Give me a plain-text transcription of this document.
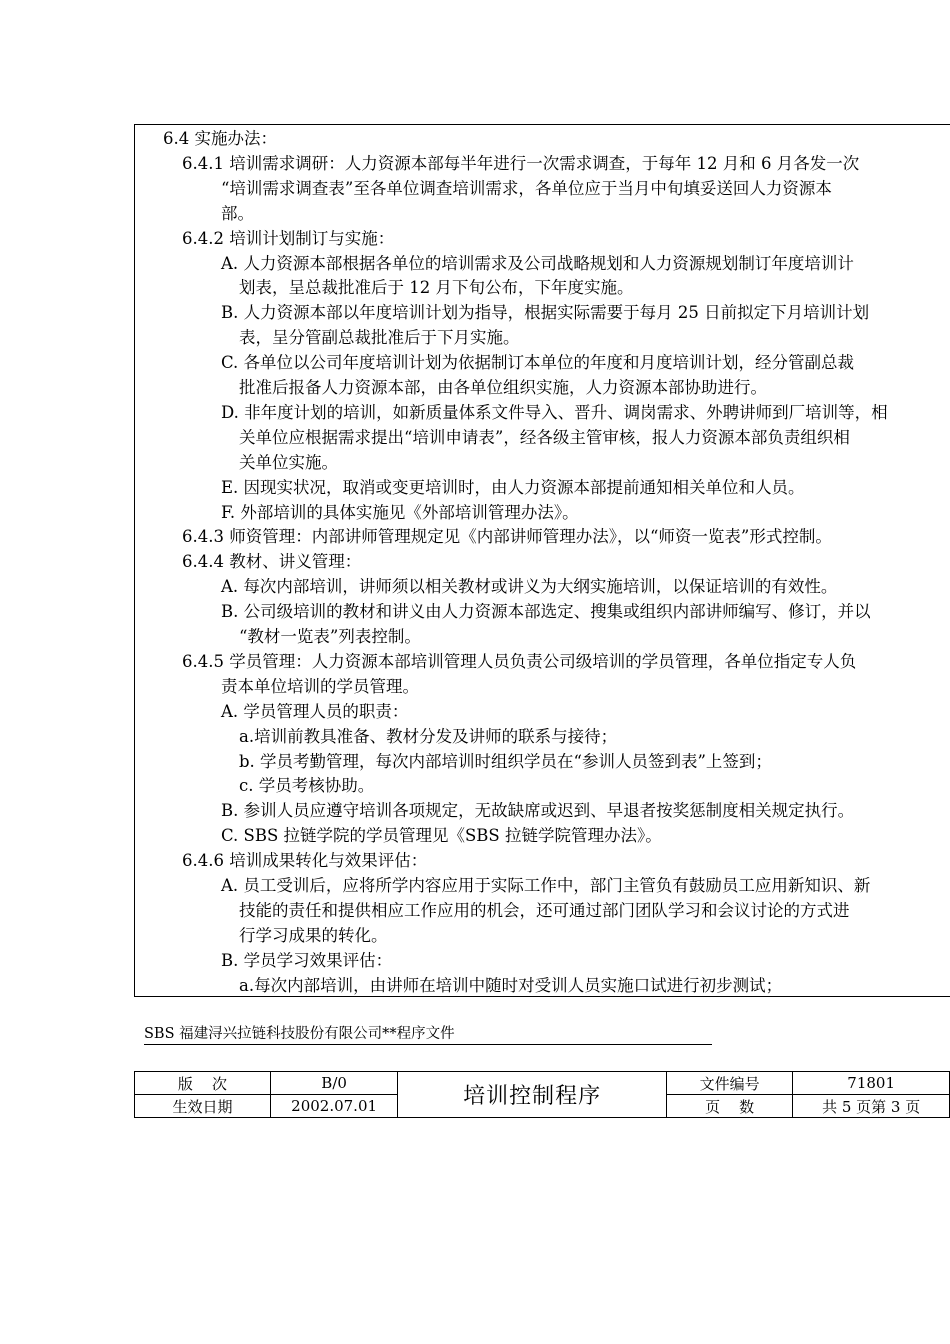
6.4 实施办法：
6.4.1 培训需求调研：人力资源本部每半年进行一次需求调查，于每年 12 月和 6 月各发一次
“培训需求调查表”至各单位调查培训需求，各单位应于当月中旬填妥送回人力资源本
部。
6.4.2 培训计划制订与实施：
A. 人力资源本部根据各单位的培训需求及公司战略规划和人力资源规划制订年度培训计
划表，呈总裁批准后于 12 月下旬公布，下年度实施。
B. 人力资源本部以年度培训计划为指导，根据实际需要于每月 25 日前拟定下月培训计划
表，呈分管副总裁批准后于下月实施。
C. 各单位以公司年度培训计划为依据制订本单位的年度和月度培训计划，经分管副总裁
批准后报备人力资源本部，由各单位组织实施，人力资源本部协助进行。
D. 非年度计划的培训，如新质量体系文件导入、晋升、调岗需求、外聘讲师到厂培训等，相
关单位应根据需求提出“培训申请表”，经各级主管审核，报人力资源本部负责组织相
关单位实施。
E. 因现实状况，取消或变更培训时，由人力资源本部提前通知相关单位和人员。
F. 外部培训的具体实施见《外部培训管理办法》。
6.4.3 师资管理：内部讲师管理规定见《内部讲师管理办法》，以“师资一览表”形式控制。
6.4.4 教材、讲义管理：
A. 每次内部培训，讲师须以相关教材或讲义为大纲实施培训，以保证培训的有效性。
B. 公司级培训的教材和讲义由人力资源本部选定、搜集或组织内部讲师编写、修订，并以
“教材一览表”列表控制。
6.4.5 学员管理：人力资源本部培训管理人员负责公司级培训的学员管理，各单位指定专人负
责本单位培训的学员管理。
A. 学员管理人员的职责：
a.培训前教具准备、教材分发及讲师的联系与接待；
b. 学员考勤管理，每次内部培训时组织学员在“参训人员签到表”上签到；
c. 学员考核协助。
B. 参训人员应遵守培训各项规定，无故缺席或迟到、早退者按奖惩制度相关规定执行。
C. SBS 拉链学院的学员管理见《SBS 拉链学院管理办法》。
6.4.6 培训成果转化与效果评估：
A. 员工受训后，应将所学内容应用于实际工作中，部门主管负有鼓励员工应用新知识、新
技能的责任和提供相应工作应用的机会，还可通过部门团队学习和会议讨论的方式进
行学习成果的转化。
B. 学员学习效果评估：
a.每次内部培训，由讲师在培训中随时对受训人员实施口试进行初步测试；
SBS 福建浔兴拉链科技股份有限公司**程序文件
版    次	B/0	培训控制程序	文件编号	71801
生效日期	2002.07.01		页    数	共 5 页第 3 页
